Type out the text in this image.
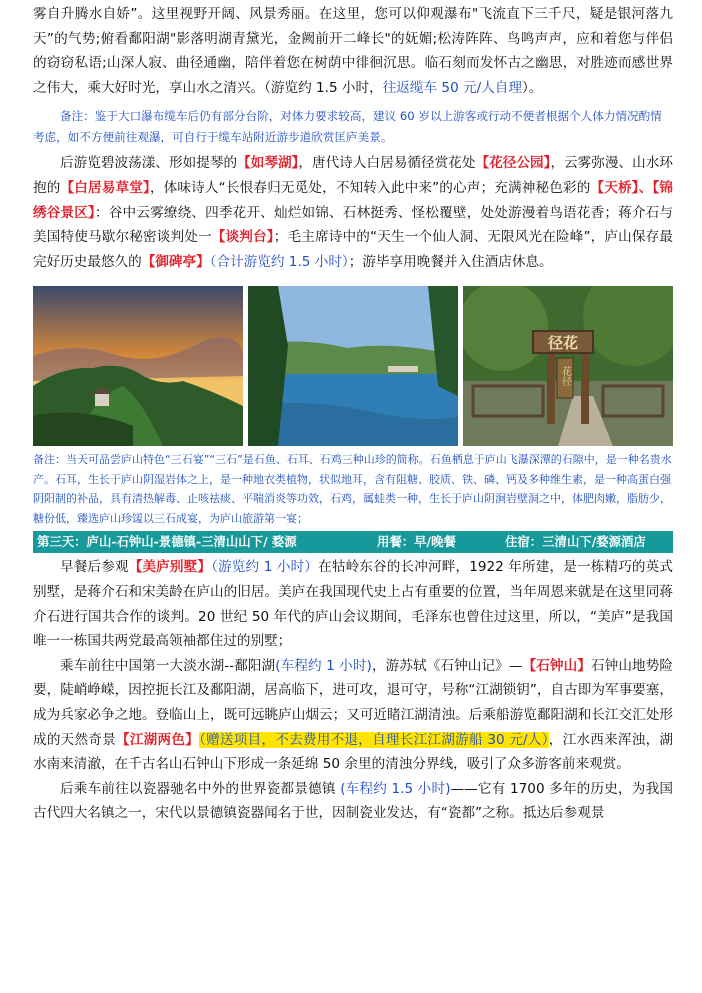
雾自升腾水自娇”。这里视野开阔、风景秀丽。在这里，您可以仰观瀑布"飞流直下三千尺，疑是银河落九天”的气势;俯看鄱阳湖"影落明湖青黛光，金阙前开二峰长"的妩媚;松涛阵阵、鸟鸣声声，应和着您与伴侣的窃窃私语;山深人寂、曲径通幽，陪伴着您在树荫中徘徊沉思。临石刻而发怀古之幽思，对胜迹而感世界之伟大，乘大好时光，享山水之清兴。（游览约 1.5 小时，往返缆车 50 元/人自理）。

备注：鉴于大口瀑布缆车后仍有部分台阶，对体力要求较高，建议 60 岁以上游客或行动不便者根据个人体力情况酌情考虑，如不方便前往观瀑，可自行于缆车站附近游步道欣赏匡庐美景。

后游览碧波荡漾、形如提琴的【如琴湖】，唐代诗人白居易循径赏花处【花径公园】，云雾弥漫、山水环抱的【白居易草堂】，体味诗人“长恨春归无觅处，不知转入此中来”的心声；充满神秘色彩的【天桥】、【锦绣谷景区】：谷中云雾缭绕、四季花开、灿烂如锦、石林挺秀、怪松覆壁，处处游漫着鸟语花香；蒋介石与美国特使马歇尔秘密谈判处一【谈判台】；毛主席诗中的“天生一个仙人洞、无限风光在险峰”，庐山保存最完好历史最悠久的【御碑亭】（合计游览约 1.5 小时）；游毕享用晚餐并入住酒店休息。

径花
花径
备注：当天可品尝庐山特色“三石宴”“三石”是石鱼、石耳、石鸡三种山珍的简称。石鱼栖息于庐山飞瀑深潭的石隙中，是一种名贵水产。石耳，生长于庐山阴湿岩体之上，是一种地衣类植物，状似地耳，含有阻糖、胶质、铁、磷、钙及多种维生素，是一种高蛋白强阴阳制的补品，具有清热解毒、止咳祛痰、平喘消炎等功效，石鸡，属蛙类一种，生长于庐山阴涧岩壁洞之中，体肥肉嫩，脂肪少，糖份低，臻选庐山珍馐以三石成宴，为庐山旅游第一宴；
第三天：庐山-石钟山-景德镇-三清山山下/ 婺源	用餐：早/晚餐	住宿：三清山下/婺源酒店

早餐后参观【美庐别墅】（游览约 1 小时）在牯岭东谷的长冲河畔，1922 年所建，是一栋精巧的英式别墅，是蒋介石和宋美龄在庐山的旧居。美庐在我国现代史上占有重要的位置，当年周恩来就是在这里同蒋介石进行国共合作的谈判。20 世纪 50 年代的庐山会议期间，毛泽东也曾住过这里，所以，“美庐”是我国唯一一栋国共两党最高领袖都住过的别墅；

乘车前往中国第一大淡水湖--鄱阳湖(车程约 1 小时)，游苏轼《石钟山记》—【石钟山】石钟山地势险要，陡峭峥嵘，因控扼长江及鄱阳湖，居高临下，进可攻，退可守，号称“江湖锁钥”，自古即为军事要塞，成为兵家必争之地。登临山上，既可远眺庐山烟云；又可近睹江湖清浊。后乘船游览鄱阳湖和长江交汇处形成的天然奇景【江湖两色】（赠送项目，不去费用不退，自理长江江湖游船 30 元/人），江水西来浑浊，湖水南来清澈，在千古名山石钟山下形成一条延绵 50 余里的清浊分界线，吸引了众多游客前来观赏。

后乘车前往以瓷器驰名中外的世界瓷都景德镇 (车程约 1.5 小时)——它有 1700 多年的历史，为我国古代四大名镇之一，宋代以景德镇瓷器闻名于世，因制瓷业发达，有“瓷都”之称。抵达后参观景
